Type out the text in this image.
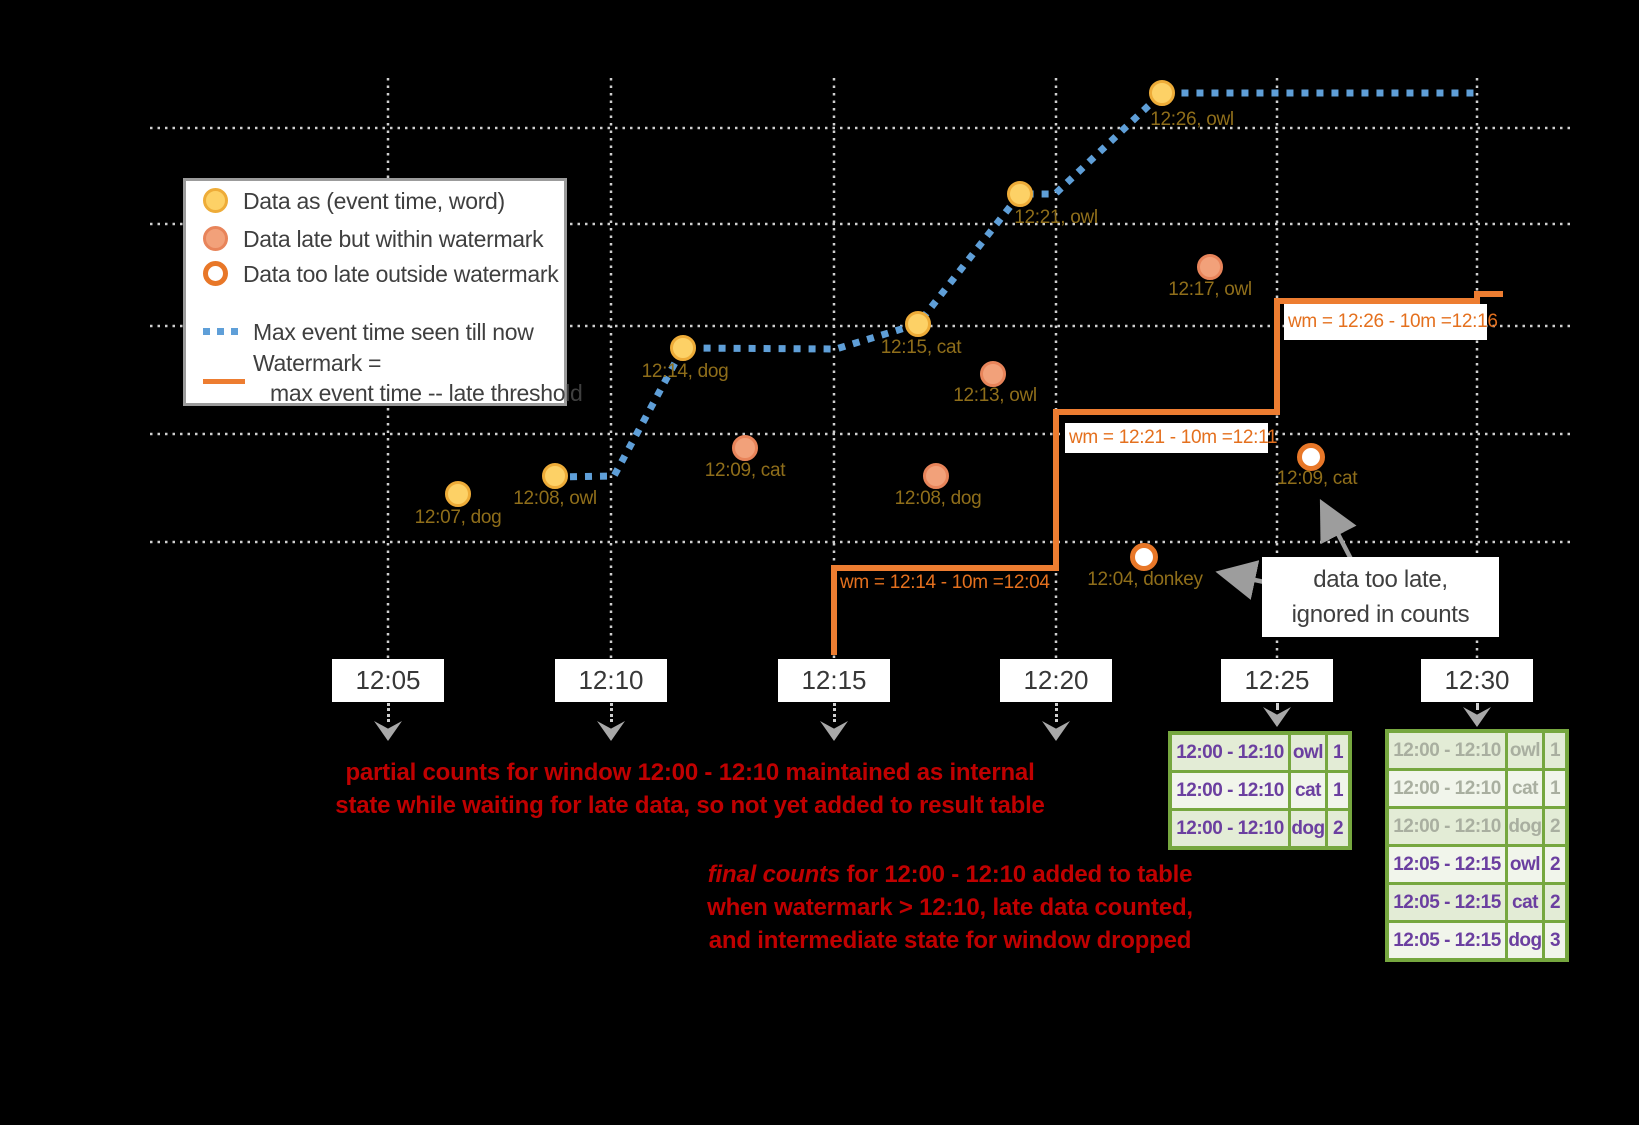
Data as (event time, word)
Data late but within watermark
Data too late outside watermark
Max event time seen till now
Watermark =
max event time -- late threshold
wm = 12:14 - 10m =12:04
wm = 12:21 - 10m =12:11
wm = 12:26 - 10m =12:16
data too late,
ignored in counts
partial counts for window 12:00 - 12:10 maintained as internal
state while waiting for late data, so not yet added to result table
final counts for 12:00 - 12:10 added to table
when watermark > 12:10, late data counted,
and intermediate state for window dropped
12:05	12:10	12:15	12:20	12:25	12:30
12:07, dog
12:08, owl
12:14, dog
12:15, cat
12:21, owl
12:26, owl
12:09, cat
12:08, dog
12:13, owl
12:17, owl
12:04, donkey
12:09, cat
12:00 - 12:10 owl 1
12:00 - 12:10 cat 1
12:00 - 12:10 dog 2
12:00 - 12:10 owl 1
12:00 - 12:10 cat 1
12:00 - 12:10 dog 2
12:05 - 12:15 owl 2
12:05 - 12:15 cat 2
12:05 - 12:15 dog 3
